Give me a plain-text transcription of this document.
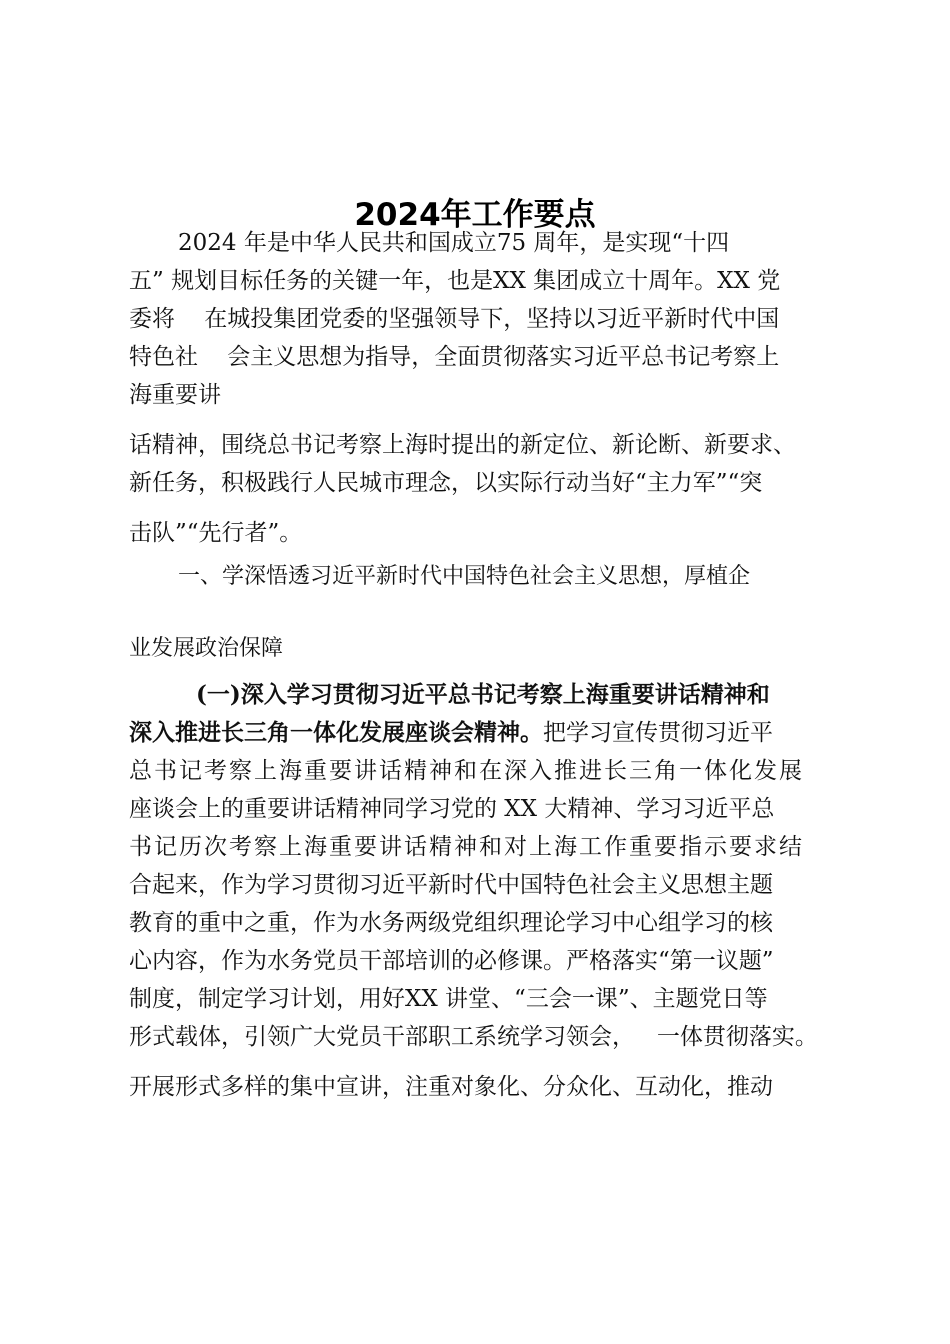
2024年工作要点
2024 年是中华人民共和国成立75 周年，是实现“十四
五” 规划目标任务的关键一年，也是XX 集团成立十周年。XX 党
委将    在城投集团党委的坚强领导下，坚持以习近平新时代中国
特色社    会主义思想为指导，全面贯彻落实习近平总书记考察上
海重要讲
话精神，围绕总书记考察上海时提出的新定位、新论断、新要求、
新任务，积极践行人民城市理念，以实际行动当好“主力军”“突
击队”“先行者”。
一、学深悟透习近平新时代中国特色社会主义思想，厚植企
业发展政治保障
(一)深入学习贯彻习近平总书记考察上海重要讲话精神和
深入推进长三角一体化发展座谈会精神。把学习宣传贯彻习近平
总书记考察上海重要讲话精神和在深入推进长三角一体化发展
座谈会上的重要讲话精神同学习党的 XX 大精神、学习习近平总
书记历次考察上海重要讲话精神和对上海工作重要指示要求结
合起来，作为学习贯彻习近平新时代中国特色社会主义思想主题
教育的重中之重，作为水务两级党组织理论学习中心组学习的核
心内容，作为水务党员干部培训的必修课。严格落实“第一议题”
制度，制定学习计划，用好XX 讲堂、“三会一课”、主题党日等
形式载体，引领广大党员干部职工系统学习领会，   一体贯彻落实。
开展形式多样的集中宣讲，注重对象化、分众化、互动化，推动
